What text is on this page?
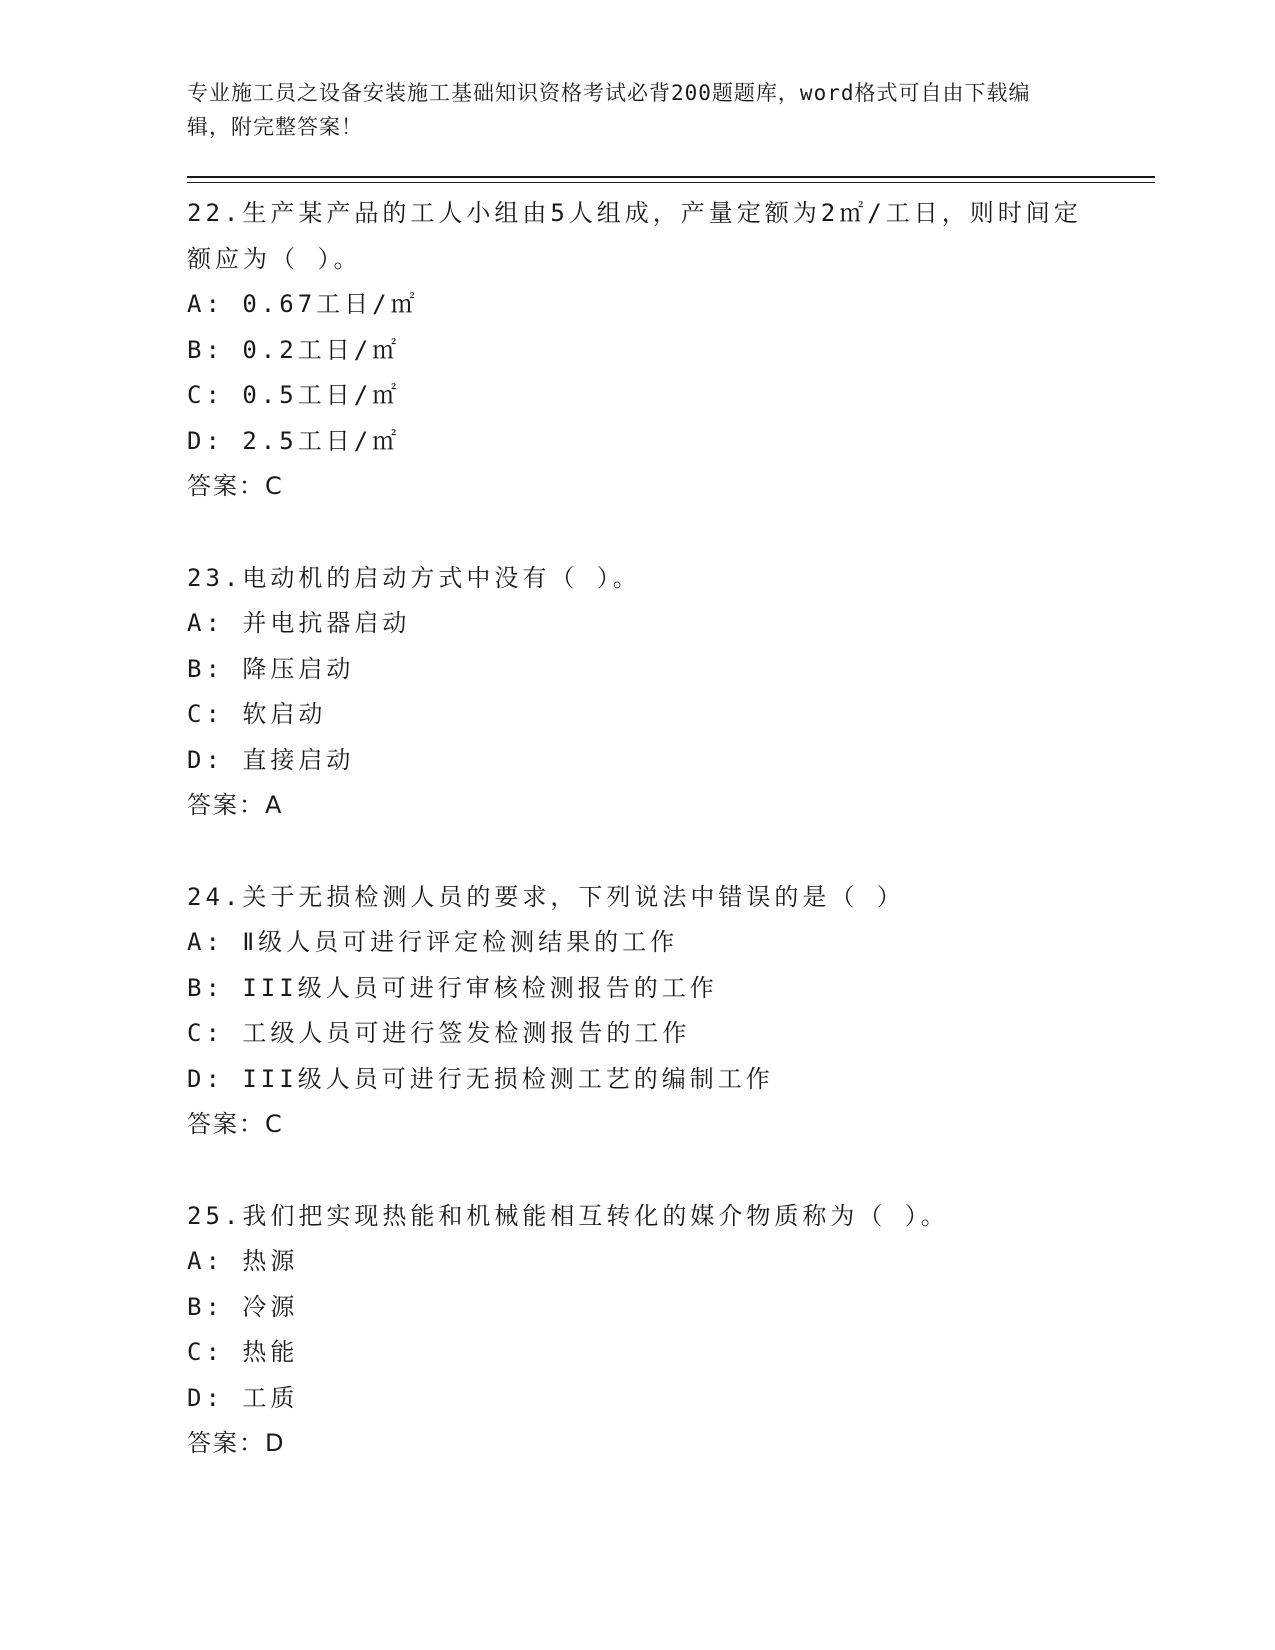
专业施工员之设备安装施工基础知识资格考试必背200题题库，word格式可自由下载编辑，附完整答案！
22.生产某产品的工人小组由5人组成，产量定额为2㎡/工日，则时间定额应为（ ）。
A: 0.67工日/㎡
B: 0.2工日/㎡
C: 0.5工日/㎡
D: 2.5工日/㎡
答案：C
23.电动机的启动方式中没有（ ）。
A: 并电抗器启动
B: 降压启动
C: 软启动
D: 直接启动
答案：A
24.关于无损检测人员的要求，下列说法中错误的是（ ）
A: Ⅱ级人员可进行评定检测结果的工作
B: III级人员可进行审核检测报告的工作
C: 工级人员可进行签发检测报告的工作
D: III级人员可进行无损检测工艺的编制工作
答案：C
25.我们把实现热能和机械能相互转化的媒介物质称为（ ）。
A: 热源
B: 冷源
C: 热能
D: 工质
答案：D
